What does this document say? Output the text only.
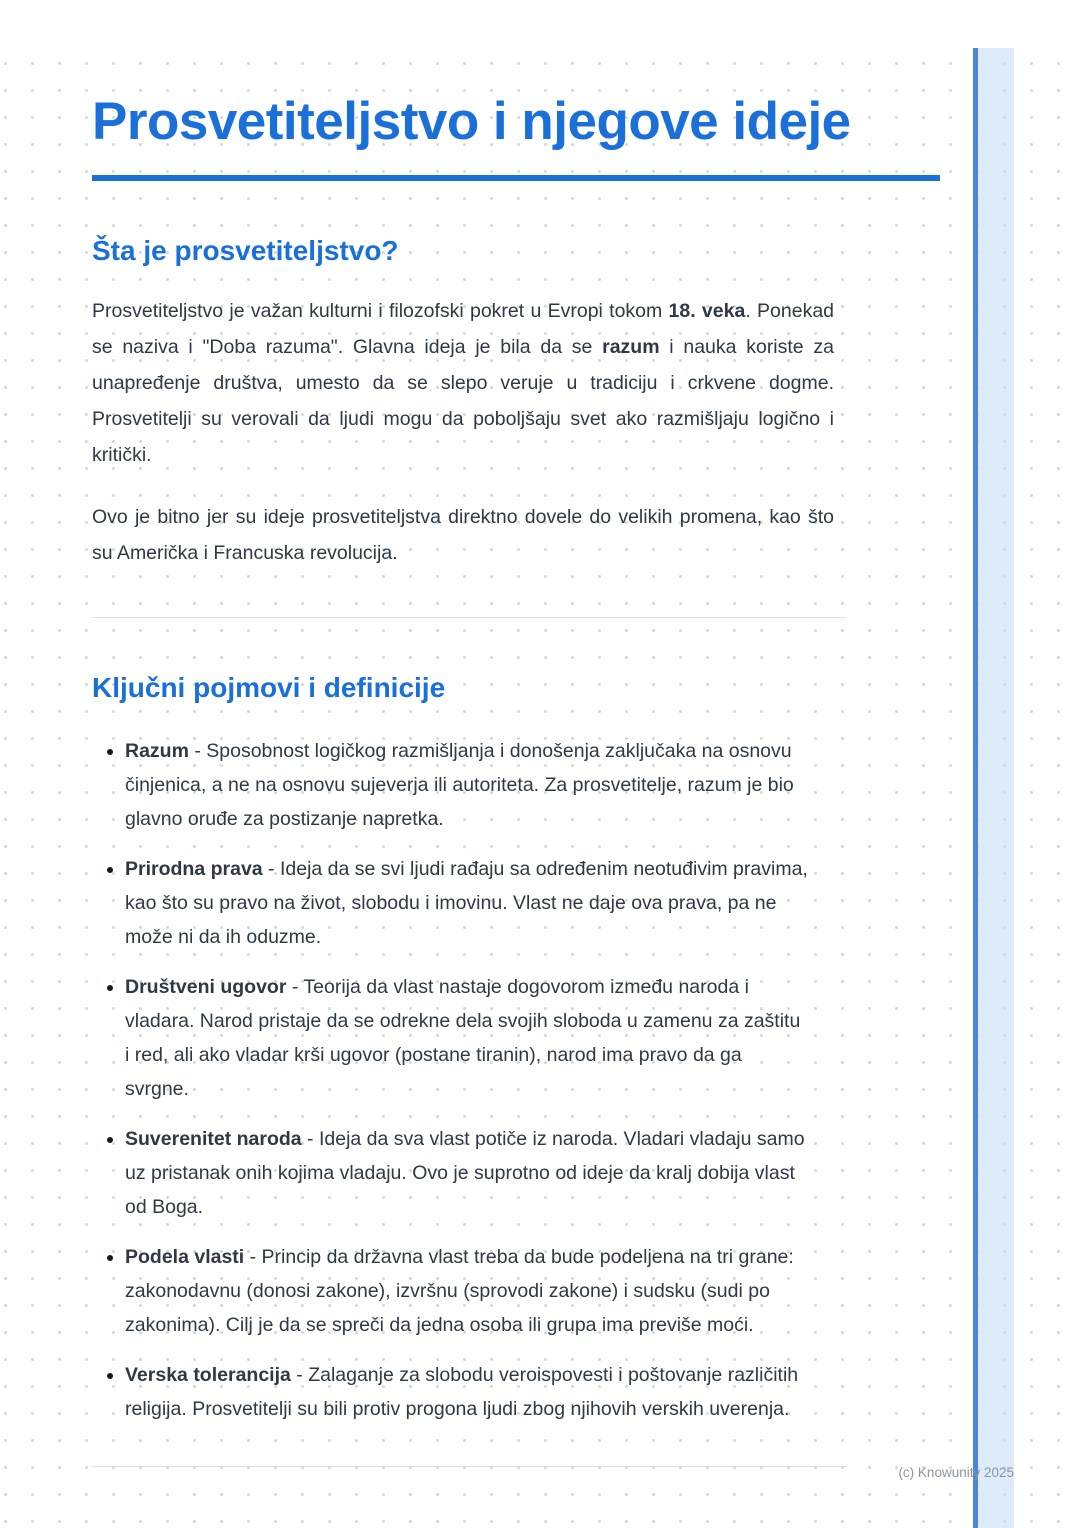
Prosvetiteljstvo i njegove ideje
Šta je prosvetiteljstvo?

Prosvetiteljstvo je važan kulturni i filozofski pokret u Evropi tokom 18. veka. Ponekad se naziva i "Doba razuma". Glavna ideja je bila da se razum i nauka koriste za unapređenje društva, umesto da se slepo veruje u tradiciju i crkvene dogme. Prosvetitelji su verovali da ljudi mogu da poboljšaju svet ako razmišljaju logično i kritički.

Ovo je bitno jer su ideje prosvetiteljstva direktno dovele do velikih promena, kao što su Američka i Francuska revolucija.

Ključni pojmovi i definicije
• Razum - Sposobnost logičkog razmišljanja i donošenja zaključaka na osnovu činjenica, a ne na osnovu sujeverja ili autoriteta. Za prosvetitelje, razum je bio glavno oruđe za postizanje napretka.
• Prirodna prava - Ideja da se svi ljudi rađaju sa određenim neotuđivim pravima, kao što su pravo na život, slobodu i imovinu. Vlast ne daje ova prava, pa ne može ni da ih oduzme.
• Društveni ugovor - Teorija da vlast nastaje dogovorom između naroda i vladara. Narod pristaje da se odrekne dela svojih sloboda u zamenu za zaštitu i red, ali ako vladar krši ugovor (postane tiranin), narod ima pravo da ga svrgne.
• Suverenitet naroda - Ideja da sva vlast potiče iz naroda. Vladari vladaju samo uz pristanak onih kojima vladaju. Ovo je suprotno od ideje da kralj dobija vlast od Boga.
• Podela vlasti - Princip da državna vlast treba da bude podeljena na tri grane: zakonodavnu (donosi zakone), izvršnu (sprovodi zakone) i sudsku (sudi po zakonima). Cilj je da se spreči da jedna osoba ili grupa ima previše moći.
• Verska tolerancija - Zalaganje za slobodu veroispovesti i poštovanje različitih religija. Prosvetitelji su bili protiv progona ljudi zbog njihovih verskih uverenja.
(c) Knowunity 2025
